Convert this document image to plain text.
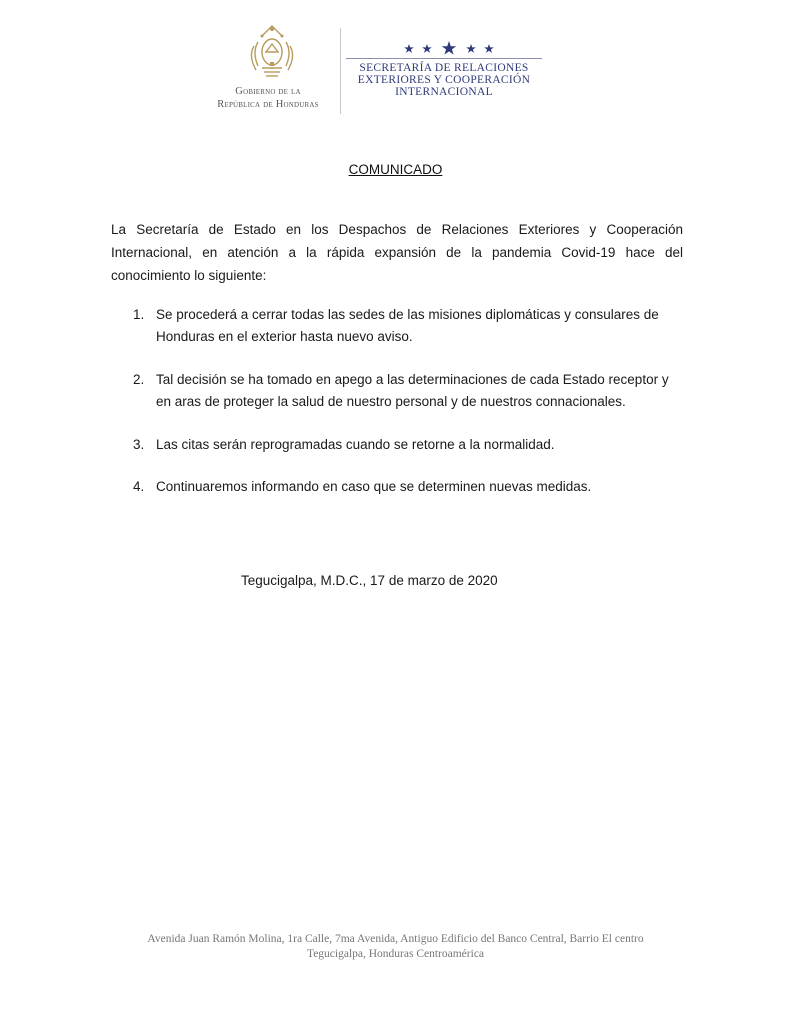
Gobierno de la
República de Honduras
SECRETARÍA DE RELACIONES
EXTERIORES Y COOPERACIÓN
INTERNACIONAL
COMUNICADO

La Secretaría de Estado en los Despachos de Relaciones Exteriores y Cooperación Internacional, en atención a la rápida expansión de la pandemia Covid-19 hace del conocimiento lo siguiente:

1. Se procederá a cerrar todas las sedes de las misiones diplomáticas y consulares de Honduras en el exterior hasta nuevo aviso.
2. Tal decisión se ha tomado en apego a las determinaciones de cada Estado receptor y en aras de proteger la salud de nuestro personal y de nuestros connacionales.
3. Las citas serán reprogramadas cuando se retorne a la normalidad.
4. Continuaremos informando en caso que se determinen nuevas medidas.
Tegucigalpa, M.D.C., 17 de marzo de 2020
Avenida Juan Ramón Molina, 1ra Calle, 7ma Avenida, Antiguo Edificio del Banco Central, Barrio El centro
Tegucigalpa, Honduras Centroamérica
